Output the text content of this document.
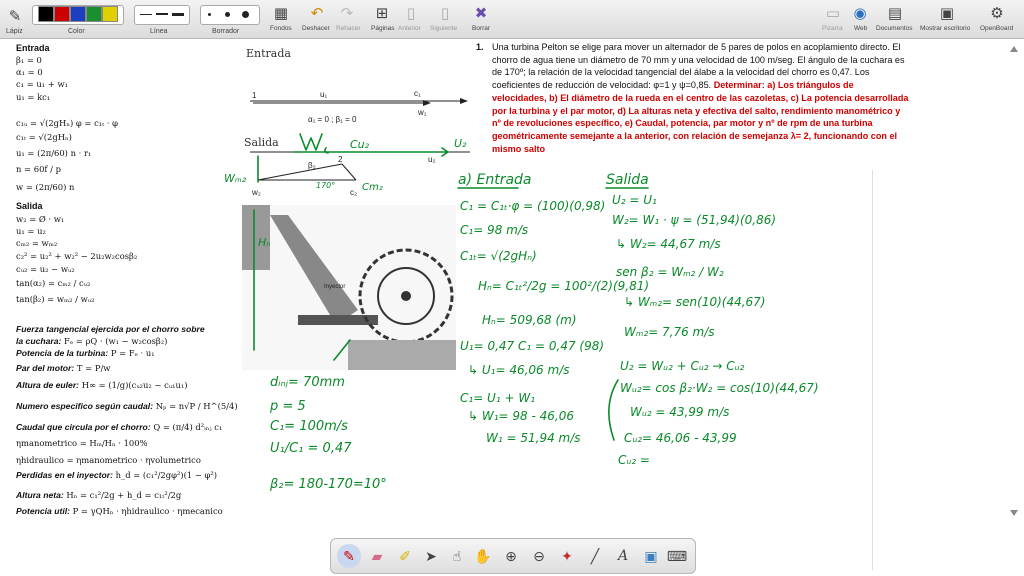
✎
Lápiz	Color	Línea	Borrador
▦
Fondos
↶
Deshacer
↷
Rehacer
⊞
Páginas
▯
Anterior
▯
Siguiente
✖
Borrar
▭
Pizarra
◉
Web
▤
Documentos
▣
Mostrar escritorio
⚙
OpenBoard
Entrada
β₁ = 0
α₁ = 0
c₁ = u₁ + w₁
u₁ = kc₁
c₁ᵤ = √(2gHₙ) φ = c₁ₜ · φ
c₁ₜ = √(2gHₙ)
u₁ = (2π/60) n · r₁
n = 60f / p
w = (2π/60) n
Salida
w₂ = Ø · w₁
u₁ = u₂
cₘ₂ = wₘ₂
c₂² = u₂² + w₂² − 2u₂w₂cosβ₂
cᵤ₂ = u₂ − wᵤ₂
tan(α₂) = cₘ₂ / cᵤ₂
tan(β₂) = wₘ₂ / wᵤ₂
Fuerza tangencial ejercida por el chorro sobre
la cuchara: Fₑ = ρQ · (w₁ − w₂cosβ₂)
Potencia de la turbina: P = Fₑ · u₁
Par del motor: T = P/w
Altura de euler: H∞ = (1/g)(cᵤ₂u₂ − cᵤ₁u₁)
Numero especifico según caudal: Nₚ = n√P / H^(5/4)
Caudal que circula por el chorro: Q = (π/4) d²ᵢₙⱼ c₁
ηmanometrico = Hₘ/Hₙ · 100%
ηhidraulico = ηmanometrico · ηvolumetrico
Perdidas en el inyector: h_d = (c₁²/2gφ²)(1 − φ²)
Altura neta: Hₙ = c₁²/2g + h_d = c₁ₜ²/2g
Potencia util: P = γQHₙ · ηhidraulico · ηmecanico
Entrada
1	u₁	c₁
w₁
α₁ = 0 ; β₁ = 0
Salida
β₂
2	u₂
w₂	c₂
Inyector
Cu₂	U₂
Wₘ₂
170°	Cm₂
Hₙ
dᵢₙⱼ= 70mm
p = 5
C₁= 100m/s
U₁/C₁ = 0,47
β₂= 180-170=10°
1. Una turbina Pelton se elige para mover un alternador de 5 pares de polos en acoplamiento directo. El chorro de agua tiene un diámetro de 70 mm y una velocidad de 100 m/seg. El ángulo de la cuchara es de 170º; la relación de la velocidad tangencial del álabe a la velocidad del chorro es 0,47. Los coeficientes de reducción de velocidad: φ=1 y ψ=0,85. Determinar: a) Los triángulos de velocidades, b) El diámetro de la rueda en el centro de las cazoletas, c) La potencia desarrollada por la turbina y el par motor, d) La alturas neta y efectiva del salto, rendimiento manométrico y nº de revoluciones específico, e) Caudal, potencia, par motor y nº de rpm de una turbina geométricamente semejante a la anterior, con relación de semejanza λ= 2, funcionando con el mismo salto
a) Entrada
C₁ = C₁ₜ·φ = (100)(0,98)
C₁= 98 m/s
C₁ₜ= √(2gHₙ)
Hₙ= C₁ₜ²/2g = 100²/(2)(9,81)
Hₙ= 509,68 (m)
U₁= 0,47 C₁ = 0,47 (98)
↳ U₁= 46,06 m/s
C₁= U₁ + W₁
↳ W₁= 98 - 46,06
W₁ = 51,94 m/s
Salida
U₂ = U₁
W₂= W₁ · ψ = (51,94)(0,86)
↳ W₂= 44,67 m/s
sen β₂ = Wₘ₂ / W₂
↳ Wₘ₂= sen(10)(44,67)
Wₘ₂= 7,76 m/s
U₂ = Wᵤ₂ + Cᵤ₂ → Cᵤ₂
Wᵤ₂= cos β₂·W₂ = cos(10)(44,67)
Wᵤ₂ = 43,99 m/s
Cᵤ₂= 46,06 - 43,99
Cᵤ₂ =
✎	▰	✐	➤	☝ ✋ ⊕	⊖	✦	╱	A	▣ ⌨
